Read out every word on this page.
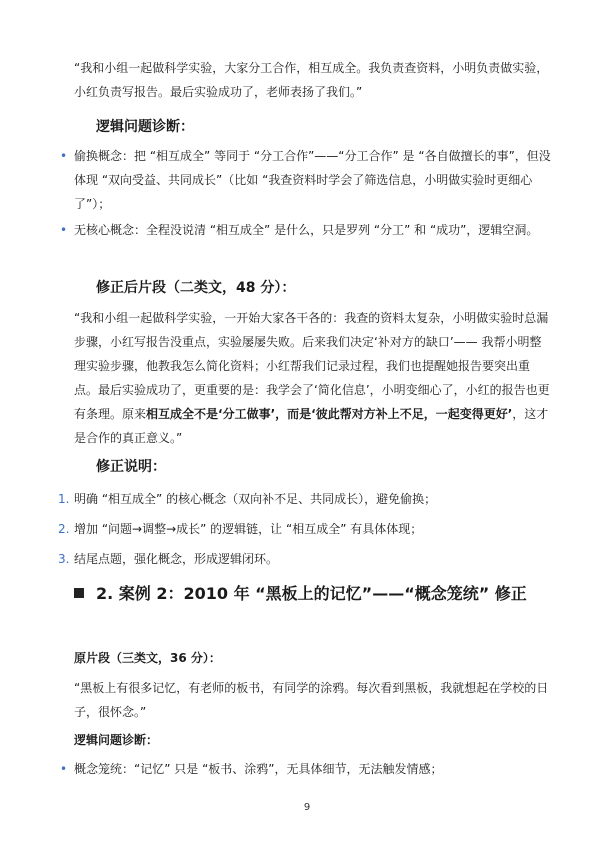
“我和小组一起做科学实验，大家分工合作，相互成全。我负责查资料，小明负责做实验，小红负责写报告。最后实验成功了，老师表扬了我们。”

逻辑问题诊断：

• 偷换概念：把 “相互成全” 等同于 “分工合作”——“分工合作” 是 “各自做擅长的事”，但没体现 “双向受益、共同成长”（比如 “我查资料时学会了筛选信息，小明做实验时更细心了”）；
• 无核心概念：全程没说清 “相互成全” 是什么，只是罗列 “分工” 和 “成功”，逻辑空洞。

修正后片段（二类文，48 分）：

“我和小组一起做科学实验，一开始大家各干各的：我查的资料太复杂，小明做实验时总漏步骤，小红写报告没重点，实验屡屡失败。后来我们决定‘补对方的缺口’—— 我帮小明整理实验步骤，他教我怎么简化资料；小红帮我们记录过程，我们也提醒她报告要突出重点。最后实验成功了，更重要的是：我学会了‘简化信息’，小明变细心了，小红的报告也更有条理。原来相互成全不是‘分工做事’，而是‘彼此帮对方补上不足，一起变得更好’，这才是合作的真正意义。”

修正说明：

1. 明确 “相互成全” 的核心概念（双向补不足、共同成长），避免偷换；
2. 增加 “问题→调整→成长” 的逻辑链，让 “相互成全” 有具体体现；
3. 结尾点题，强化概念，形成逻辑闭环。

2. 案例 2：2010 年 “黑板上的记忆”——“概念笼统” 修正

原片段（三类文，36 分）：

“黑板上有很多记忆，有老师的板书，有同学的涂鸦。每次看到黑板，我就想起在学校的日子，很怀念。”

逻辑问题诊断：

• 概念笼统：“记忆” 只是 “板书、涂鸦”，无具体细节，无法触发情感；
9
